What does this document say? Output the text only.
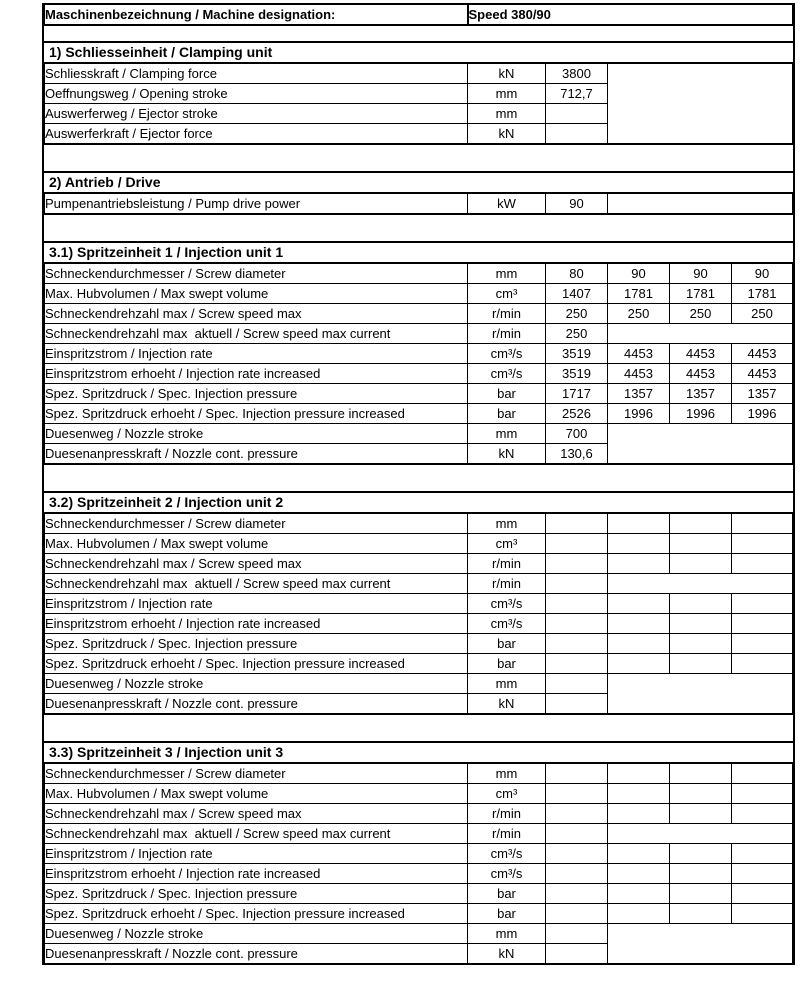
Maschinenbezeichnung / Machine designation:	Speed 380/90
1) Schliesseinheit / Clamping unit
Schliesskraft / Clamping force	kN	3800	
Oeffnungsweg / Opening stroke	mm	712,7	
Auswerferweg / Ejector stroke	mm		
Auswerferkraft / Ejector force	kN		
2) Antrieb / Drive
Pumpenantriebsleistung / Pump drive power	kW	90	
3.1) Spritzeinheit 1 / Injection unit 1
Schneckendurchmesser / Screw diameter	mm	80	90	90	90
Max. Hubvolumen / Max swept volume	cm³	1407	1781	1781	1781
Schneckendrehzahl max / Screw speed max	r/min	250	250	250	250
Schneckendrehzahl max  aktuell / Screw speed max current	r/min	250			
Einspritzstrom / Injection rate	cm³/s	3519	4453	4453	4453
Einspritzstrom erhoeht / Injection rate increased	cm³/s	3519	4453	4453	4453
Spez. Spritzdruck / Spec. Injection pressure	bar	1717	1357	1357	1357
Spez. Spritzdruck erhoeht / Spec. Injection pressure increased	bar	2526	1996	1996	1996
Duesenweg / Nozzle stroke	mm	700			
Duesenanpresskraft / Nozzle cont. pressure	kN	130,6			
3.2) Spritzeinheit 2 / Injection unit 2
Schneckendurchmesser / Screw diameter	mm				
Max. Hubvolumen / Max swept volume	cm³				
Schneckendrehzahl max / Screw speed max	r/min				
Schneckendrehzahl max  aktuell / Screw speed max current	r/min				
Einspritzstrom / Injection rate	cm³/s				
Einspritzstrom erhoeht / Injection rate increased	cm³/s				
Spez. Spritzdruck / Spec. Injection pressure	bar				
Spez. Spritzdruck erhoeht / Spec. Injection pressure increased	bar				
Duesenweg / Nozzle stroke	mm				
Duesenanpresskraft / Nozzle cont. pressure	kN				
3.3) Spritzeinheit 3 / Injection unit 3
Schneckendurchmesser / Screw diameter	mm				
Max. Hubvolumen / Max swept volume	cm³				
Schneckendrehzahl max / Screw speed max	r/min				
Schneckendrehzahl max  aktuell / Screw speed max current	r/min				
Einspritzstrom / Injection rate	cm³/s				
Einspritzstrom erhoeht / Injection rate increased	cm³/s				
Spez. Spritzdruck / Spec. Injection pressure	bar				
Spez. Spritzdruck erhoeht / Spec. Injection pressure increased	bar				
Duesenweg / Nozzle stroke	mm				
Duesenanpresskraft / Nozzle cont. pressure	kN				
